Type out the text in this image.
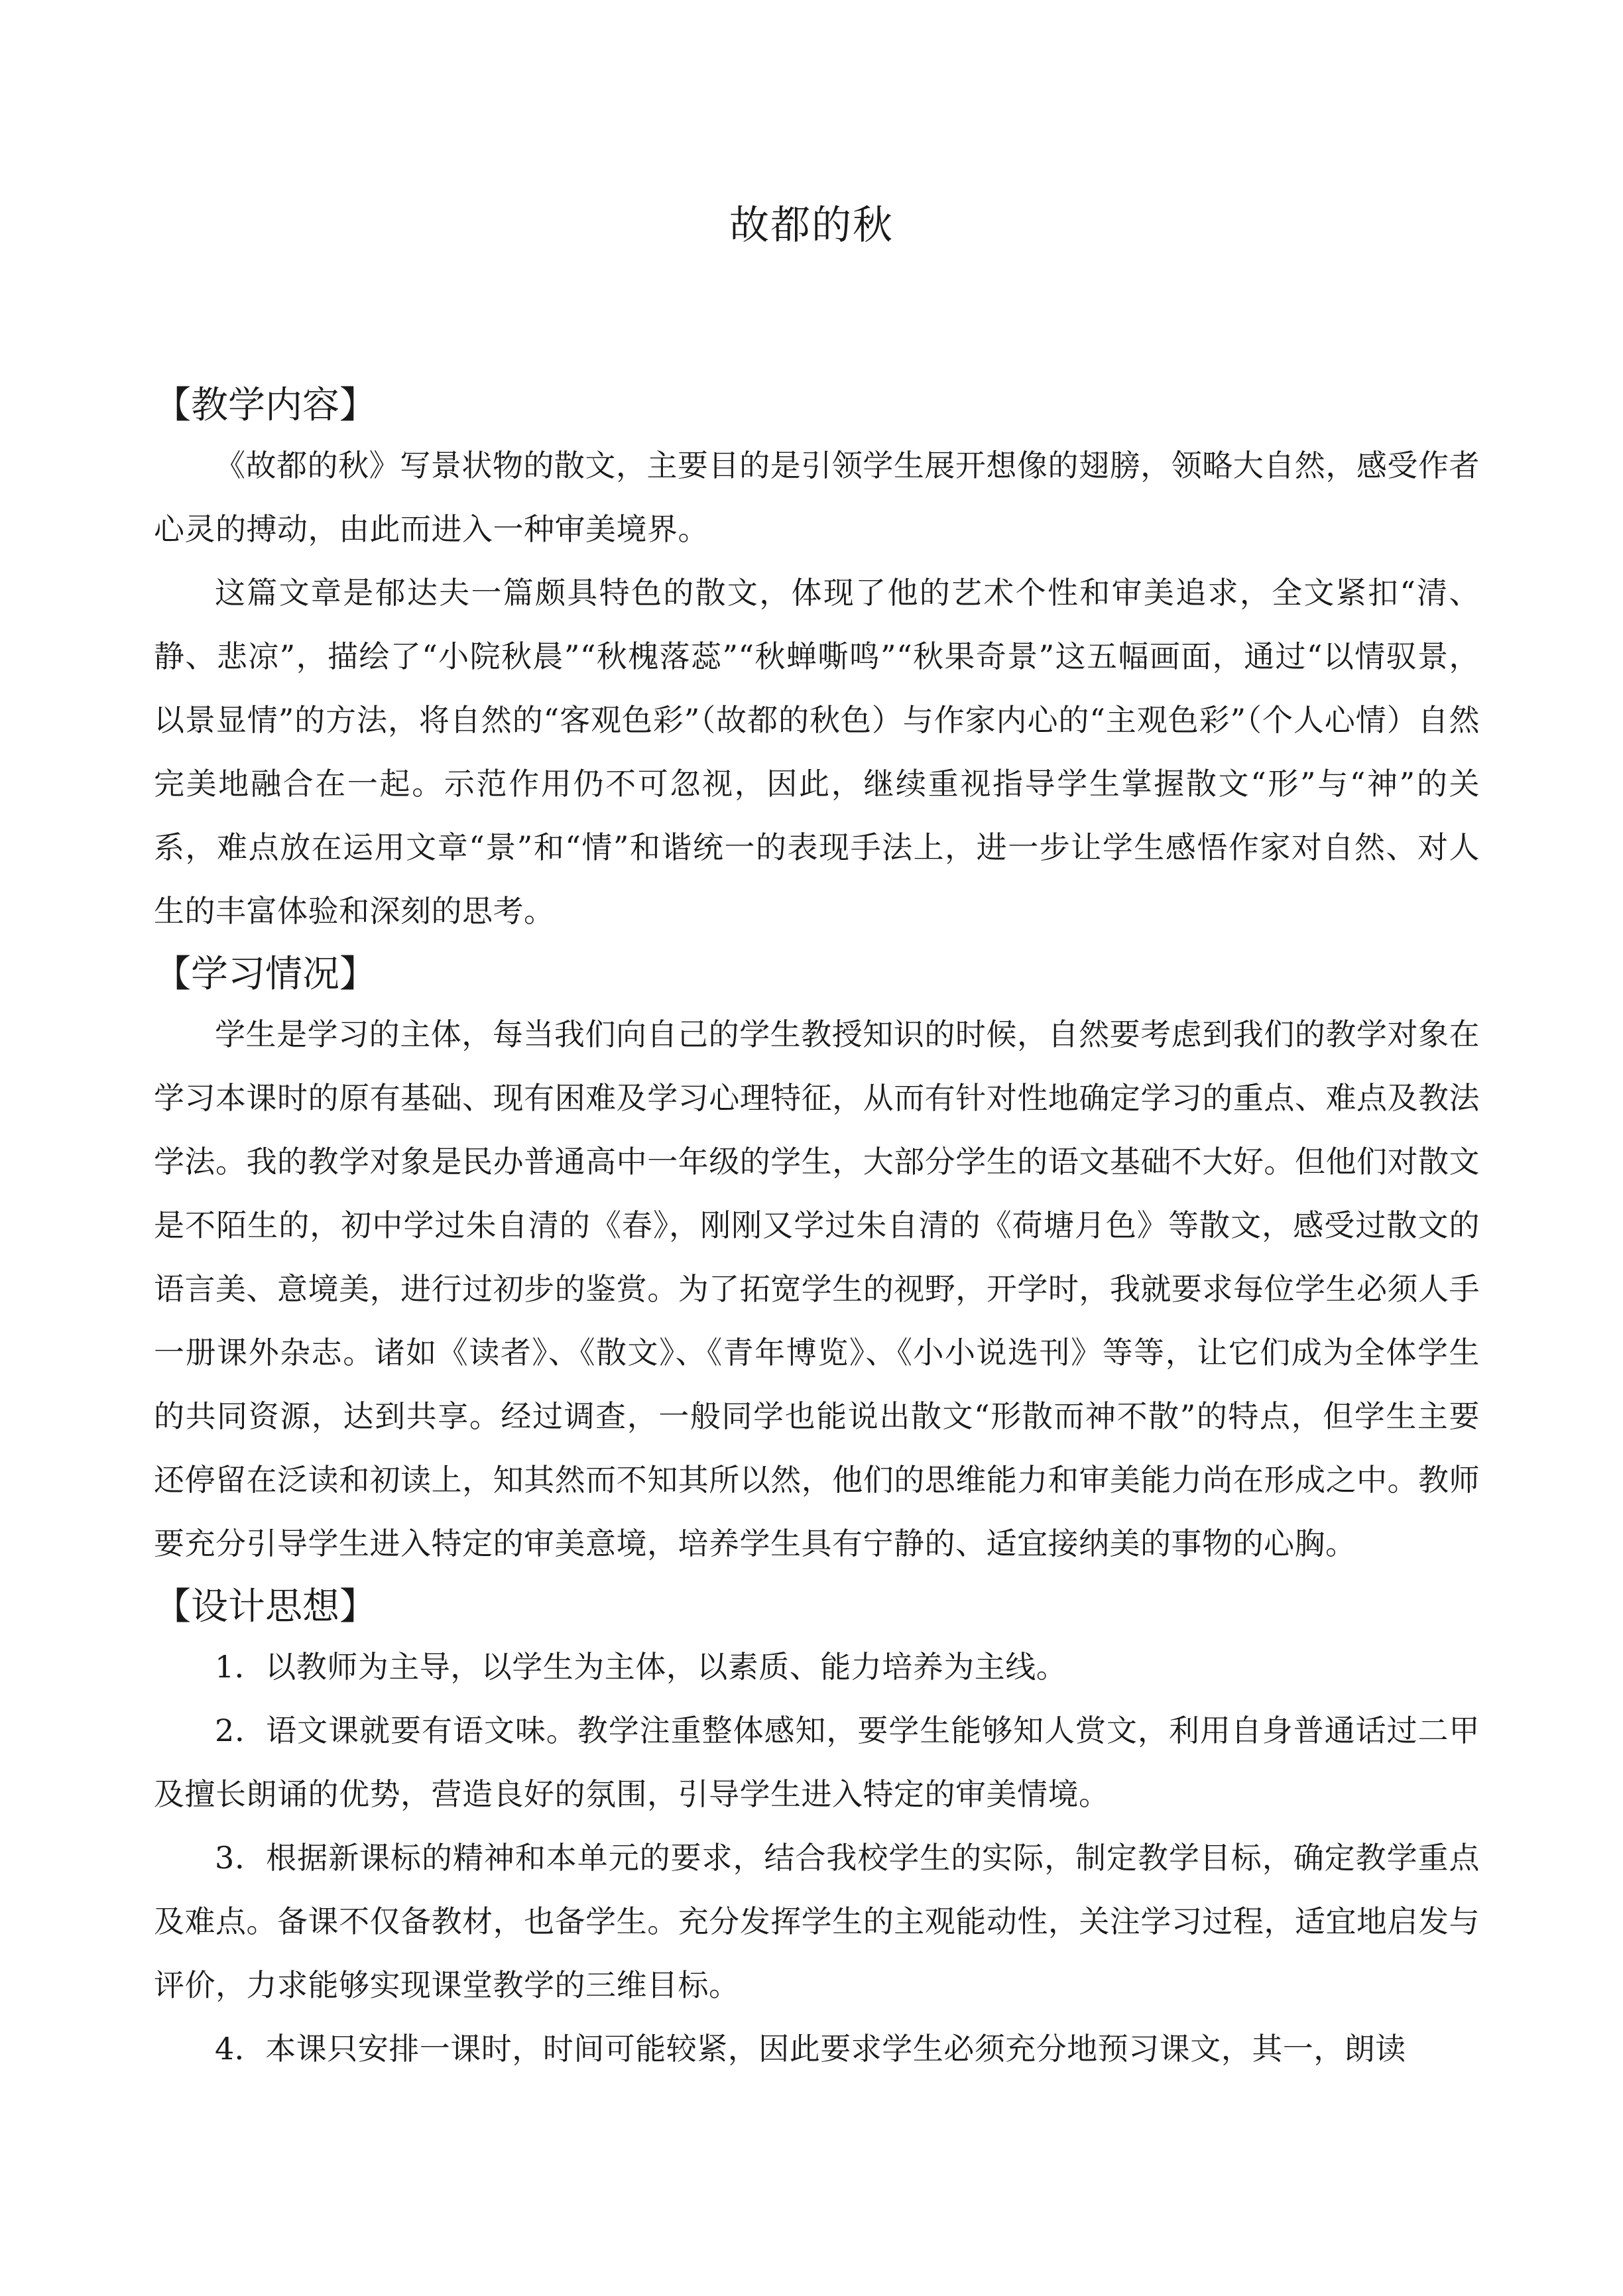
故都的秋
【教学内容】

《故都的秋》写景状物的散文，主要目的是引领学生展开想像的翅膀，领略大自然，感受作者心灵的搏动，由此而进入一种审美境界。

这篇文章是郁达夫一篇颇具特色的散文，体现了他的艺术个性和审美追求，全文紧扣“清、静、悲凉”，描绘了“小院秋晨”“秋槐落蕊”“秋蝉嘶鸣”“秋果奇景”这五幅画面，通过“以情驭景，以景显情”的方法，将自然的“客观色彩”（故都的秋色）与作家内心的“主观色彩”（个人心情）自然完美地融合在一起。示范作用仍不可忽视，因此，继续重视指导学生掌握散文“形”与“神”的关系，难点放在运用文章“景”和“情”和谐统一的表现手法上，进一步让学生感悟作家对自然、对人生的丰富体验和深刻的思考。

【学习情况】

学生是学习的主体，每当我们向自己的学生教授知识的时候，自然要考虑到我们的教学对象在学习本课时的原有基础、现有困难及学习心理特征，从而有针对性地确定学习的重点、难点及教法学法。我的教学对象是民办普通高中一年级的学生，大部分学生的语文基础不大好。但他们对散文是不陌生的，初中学过朱自清的《春》，刚刚又学过朱自清的《荷塘月色》等散文，感受过散文的语言美、意境美，进行过初步的鉴赏。为了拓宽学生的视野，开学时，我就要求每位学生必须人手一册课外杂志。诸如《读者》、《散文》、《青年博览》、《小小说选刊》等等，让它们成为全体学生的共同资源，达到共享。经过调查，一般同学也能说出散文“形散而神不散”的特点，但学生主要还停留在泛读和初读上，知其然而不知其所以然，他们的思维能力和审美能力尚在形成之中。教师要充分引导学生进入特定的审美意境，培养学生具有宁静的、适宜接纳美的事物的心胸。

【设计思想】

1．以教师为主导，以学生为主体，以素质、能力培养为主线。

2．语文课就要有语文味。教学注重整体感知，要学生能够知人赏文，利用自身普通话过二甲及擅长朗诵的优势，营造良好的氛围，引导学生进入特定的审美情境。

3．根据新课标的精神和本单元的要求，结合我校学生的实际，制定教学目标，确定教学重点及难点。备课不仅备教材，也备学生。充分发挥学生的主观能动性，关注学习过程，适宜地启发与评价，力求能够实现课堂教学的三维目标。

4．本课只安排一课时，时间可能较紧，因此要求学生必须充分地预习课文，其一，朗读
